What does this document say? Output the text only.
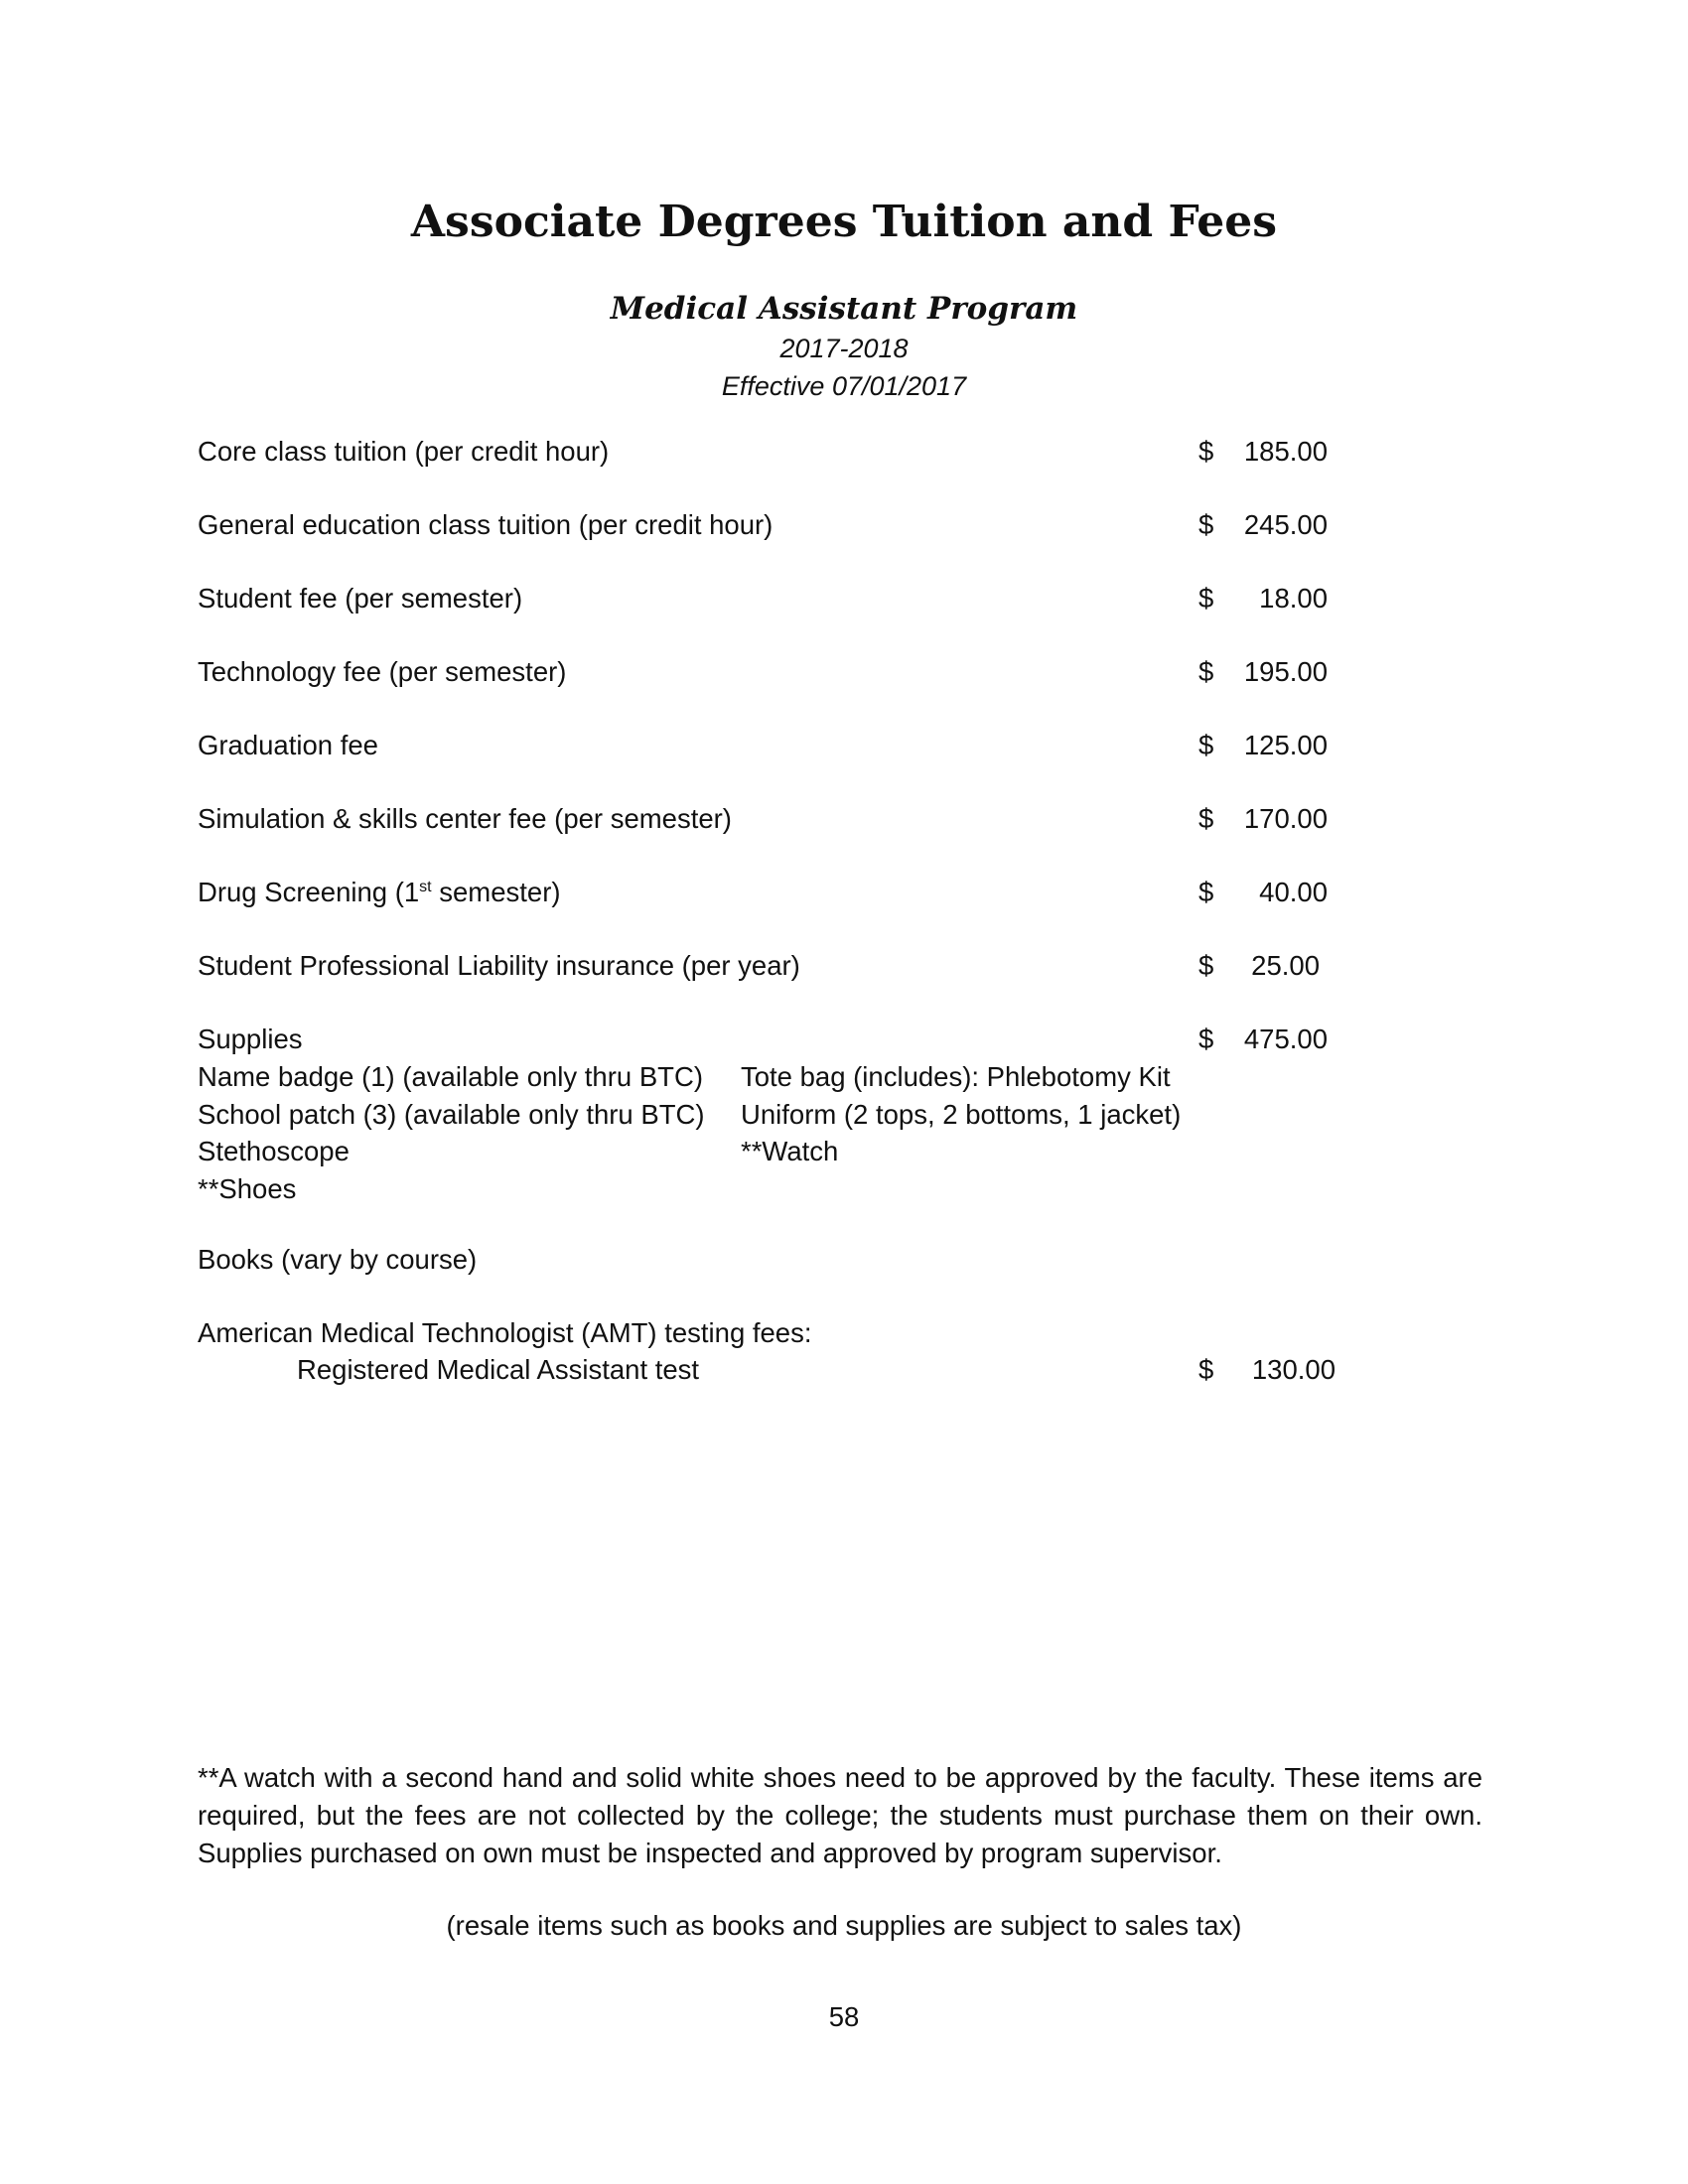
Associate Degrees Tuition and Fees
Medical Assistant Program
2017-2018
Effective 07/01/2017
Core class tuition (per credit hour)	$	185.00
General education class tuition (per credit hour)	$	245.00
Student fee (per semester)	$	18.00
Technology fee (per semester)	$	195.00
Graduation fee	$	125.00
Simulation & skills center fee (per semester)	$	170.00
Drug Screening (1st semester)	$	40.00
Student Professional Liability insurance (per year)	$	25.00
Supplies	$	475.00
Name badge (1) (available only thru BTC)
School patch (3) (available only thru BTC)
Stethoscope
**Shoes
Tote bag (includes): Phlebotomy Kit
Uniform (2 tops, 2 bottoms, 1 jacket)
**Watch
Books (vary by course)
American Medical Technologist (AMT) testing fees:
Registered Medical Assistant test	$	130.00
**A watch with a second hand and solid white shoes need to be approved by the faculty. These items are
required, but the fees are not collected by the college; the students must purchase them on their own.
Supplies purchased on own must be inspected and approved by program supervisor.
(resale items such as books and supplies are subject to sales tax)
58
